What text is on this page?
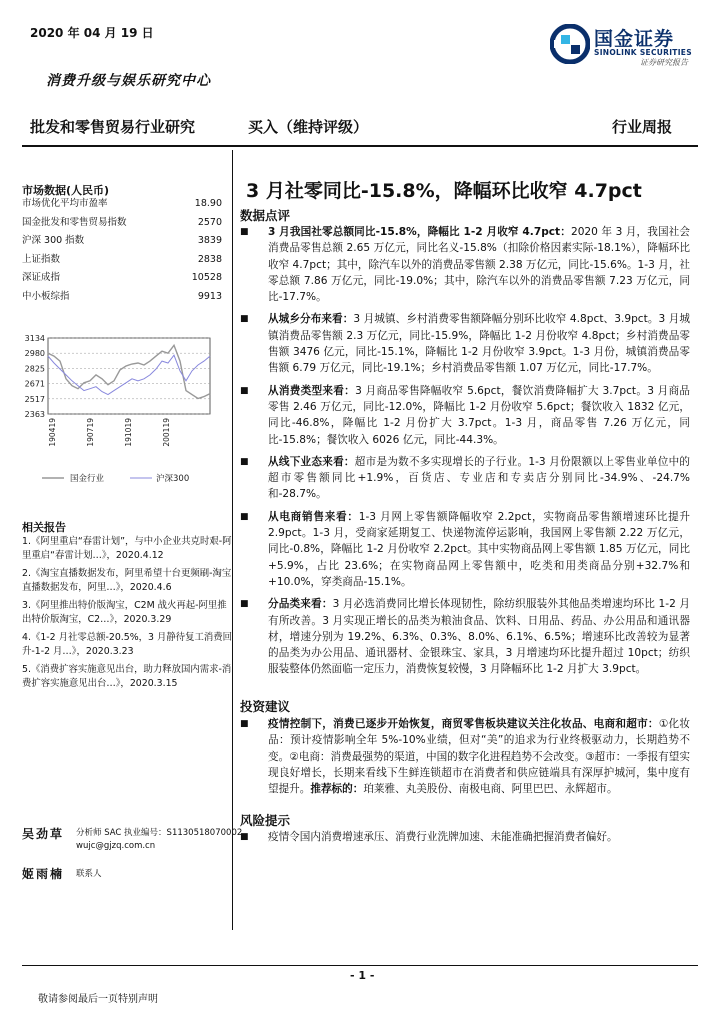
2020 年 04 月 19 日	国金证券
SINOLINK SECURITIES
证券研究报告
消费升级与娱乐研究中心
批发和零售贸易行业研究	买入（维持评级）	行业周报
市场数据(人民币)
市场优化平均市盈率	18.90
国金批发和零售贸易指数	2570
沪深 300 指数	3839
上证指数	2838
深证成指	10528
中小板综指	9913
3134
2980
2825
2671
2517
2363
190419	190719	191019	200119
国金行业	沪深300
相关报告
1.《阿里重启“春雷计划”，与中小企业共克时艰-阿里重启“春雷计划…》，2020.4.12
2.《淘宝直播数据发布，阿里希望十台更频刷-淘宝直播数据发布，阿里…》，2020.4.6
3.《阿里推出特价版淘宝，C2M 战火再起-阿里推出特价版淘宝，C2…》，2020.3.29
4.《1-2 月社零总额-20.5%，3 月静待复工消费回升-1-2 月…》，2020.3.23
5.《消费扩容实施意见出台，助力释放国内需求-消费扩容实施意见出台…》，2020.3.15
吴劲草 分析师 SAC 执业编号：S1130518070002
wujc@gjzq.com.cn
姬雨楠 联系人
3 月社零同比-15.8%，降幅环比收窄 4.7pct
数据点评
■ 3 月我国社零总额同比-15.8%，降幅比 1-2 月收窄 4.7pct：2020 年 3 月，我国社会消费品零售总额 2.65 万亿元，同比名义-15.8%（扣除价格因素实际-18.1%），降幅环比收窄 4.7pct；其中，除汽车以外的消费品零售额 2.38 万亿元，同比-15.6%。1-3 月，社零总额 7.86 万亿元，同比-19.0%；其中，除汽车以外的消费品零售额 7.23 万亿元，同比-17.7%。
■ 从城乡分布来看：3 月城镇、乡村消费零售额降幅分别环比收窄 4.8pct、3.9pct。3 月城镇消费品零售额 2.3 万亿元，同比-15.9%，降幅比 1-2 月份收窄 4.8pct；乡村消费品零售额 3476 亿元，同比-15.1%，降幅比 1-2 月份收窄 3.9pct。1-3 月份，城镇消费品零售额 6.79 万亿元，同比-19.1%；乡村消费品零售额 1.07 万亿元，同比-17.7%。
■ 从消费类型来看：3 月商品零售降幅收窄 5.6pct，餐饮消费降幅扩大 3.7pct。3 月商品零售 2.46 万亿元，同比-12.0%，降幅比 1-2 月份收窄 5.6pct；餐饮收入 1832 亿元，同比-46.8%，降幅比 1-2 月份扩大 3.7pct。1-3 月，商品零售 7.26 万亿元，同比-15.8%；餐饮收入 6026 亿元，同比-44.3%。
■ 从线下业态来看：超市是为数不多实现增长的子行业。1-3 月份限额以上零售业单位中的超市零售额同比+1.9%，百货店、专业店和专卖店分别同比-34.9%、-24.7%和-28.7%。
■ 从电商销售来看：1-3 月网上零售额降幅收窄 2.2pct，实物商品零售额增速环比提升 2.9pct。1-3 月，受商家延期复工、快递物流停运影响，我国网上零售额 2.22 万亿元，同比-0.8%，降幅比 1-2 月份收窄 2.2pct。其中实物商品网上零售额 1.85 万亿元，同比+5.9%，占比 23.6%；在实物商品网上零售额中，吃类和用类商品分别+32.7%和+10.0%，穿类商品-15.1%。
■ 分品类来看：3 月必选消费同比增长体现韧性，除纺织服装外其他品类增速均环比 1-2 月有所改善。3 月实现正增长的品类为粮油食品、饮料、日用品、药品、办公用品和通讯器材，增速分别为 19.2%、6.3%、0.3%、8.0%、6.1%、6.5%；增速环比改善较为显著的品类为办公用品、通讯器材、金银珠宝、家具，3 月增速均环比提升超过 10pct；纺织服装整体仍然面临一定压力，消费恢复较慢，3 月降幅环比 1-2 月扩大 3.9pct。
投资建议
■ 疫情控制下，消费已逐步开始恢复，商贸零售板块建议关注化妆品、电商和超市：①化妆品：预计疫情影响全年 5%-10%业绩，但对“美”的追求为行业终极驱动力，长期趋势不变。②电商：消费最强势的渠道，中国的数字化进程趋势不会改变。③超市：一季报有望实现良好增长，长期来看线下生鲜连锁超市在消费者和供应链端具有深厚护城河，集中度有望提升。推荐标的：珀莱雅、丸美股份、南极电商、阿里巴巴、永辉超市。
风险提示
■ 疫情令国内消费增速承压、消费行业洗牌加速、未能准确把握消费者偏好。
- 1 -
敬请参阅最后一页特别声明
